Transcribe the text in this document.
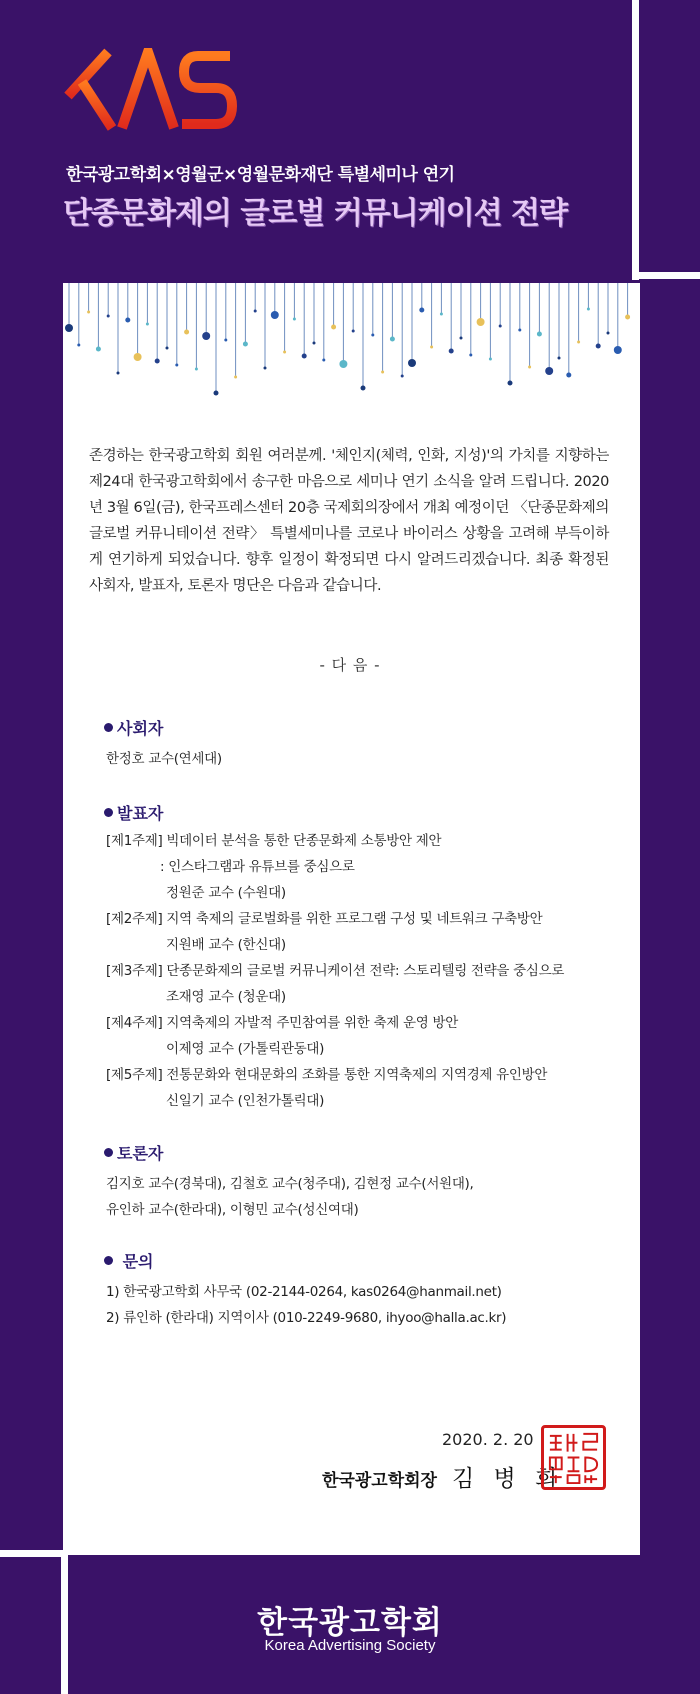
한국광고학회×영월군×영월문화재단 특별세미나 연기
단종문화제의 글로벌 커뮤니케이션 전략
존경하는 한국광고학회 회원 여러분께. '체인지(체력, 인화, 지성)'의 가치를 지향하는 제24대 한국광고학회에서 송구한 마음으로 세미나 연기 소식을 알려 드립니다. 2020년 3월 6일(금), 한국프레스센터 20층 국제회의장에서 개최 예정이던 〈단종문화제의 글로벌 커뮤니테이션 전략〉 특별세미나를 코로나 바이러스 상황을 고려해 부득이하게 연기하게 되었습니다. 향후 일정이 확정되면 다시 알려드리겠습니다. 최종 확정된 사회자, 발표자, 토론자 명단은 다음과 같습니다.
- 다 음 -
사회자
한정호 교수(연세대)
발표자
[제1주제] 빅데이터 분석을 통한 단종문화제 소통방안 제안
: 인스타그램과 유튜브를 중심으로
정원준 교수 (수원대)
[제2주제] 지역 축제의 글로벌화를 위한 프로그램 구성 및 네트워크 구축방안
지원배 교수 (한신대)
[제3주제] 단종문화제의 글로벌 커뮤니케이션 전략: 스토리텔링 전략을 중심으로
조재영 교수 (청운대)
[제4주제] 지역축제의 자발적 주민참여를 위한 축제 운영 방안
이제영 교수 (가톨릭관동대)
[제5주제] 전통문화와 현대문화의 조화를 통한 지역축제의 지역경제 유인방안
신일기 교수 (인천가톨릭대)
토론자
김지호 교수(경북대), 김철호 교수(청주대), 김현정 교수(서원대),
유인하 교수(한라대), 이형민 교수(성신여대)
문의
1) 한국광고학회 사무국 (02-2144-0264, kas0264@hanmail.net)
2) 류인하 (한라대) 지역이사 (010-2249-9680, ihyoo@halla.ac.kr)
2020. 2. 20
한국광고학회장 김 병 희
한국광고학회
Korea Advertising Society
